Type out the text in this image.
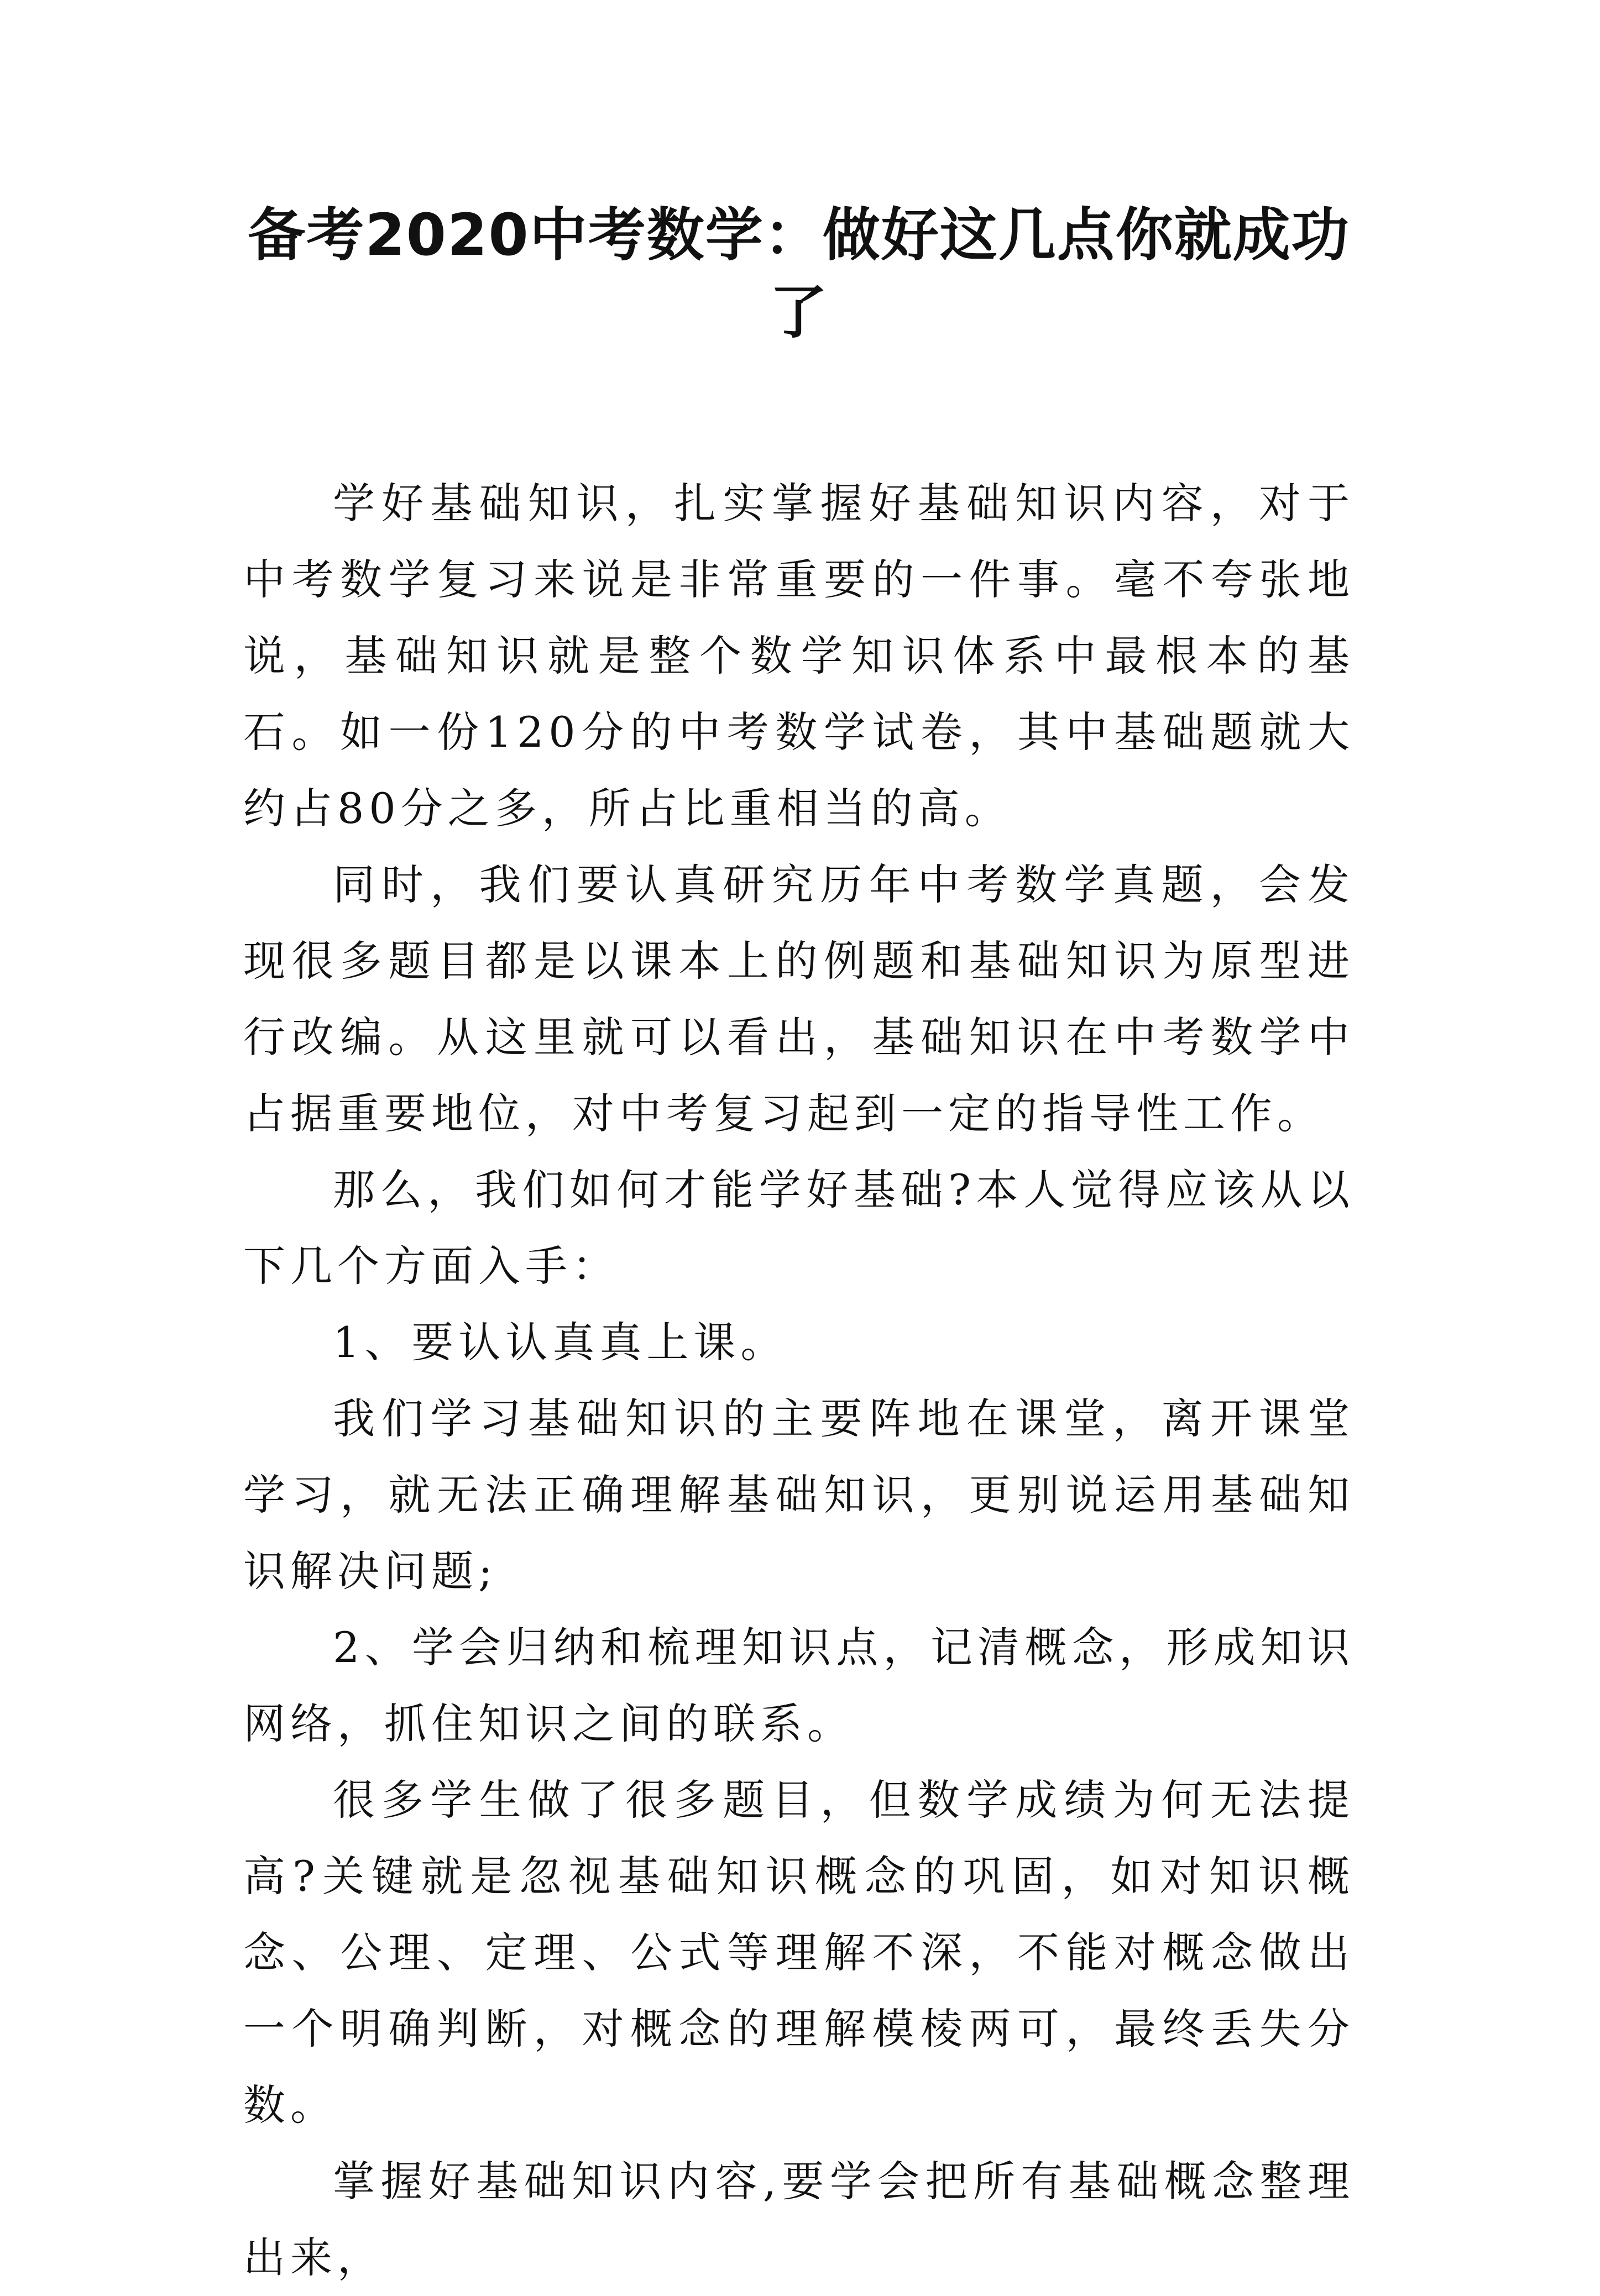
备考2020中考数学：做好这几点你就成功
了

学好基础知识，扎实掌握好基础知识内容，对于中考数学复习来说是非常重要的一件事。毫不夸张地说，基础知识就是整个数学知识体系中最根本的基石。如一份120分的中考数学试卷，其中基础题就大约占80分之多，所占比重相当的高。

同时，我们要认真研究历年中考数学真题，会发现很多题目都是以课本上的例题和基础知识为原型进行改编。从这里就可以看出，基础知识在中考数学中占据重要地位，对中考复习起到一定的指导性工作。

那么，我们如何才能学好基础?本人觉得应该从以下几个方面入手：

1、要认认真真上课。

我们学习基础知识的主要阵地在课堂，离开课堂学习，就无法正确理解基础知识，更别说运用基础知识解决问题;

2、学会归纳和梳理知识点，记清概念，形成知识网络，抓住知识之间的联系。

很多学生做了很多题目，但数学成绩为何无法提高?关键就是忽视基础知识概念的巩固，如对知识概念、公理、定理、公式等理解不深，不能对概念做出一个明确判断，对概念的理解模棱两可，最终丢失分数。

掌握好基础知识内容,要学会把所有基础概念整理出来，
